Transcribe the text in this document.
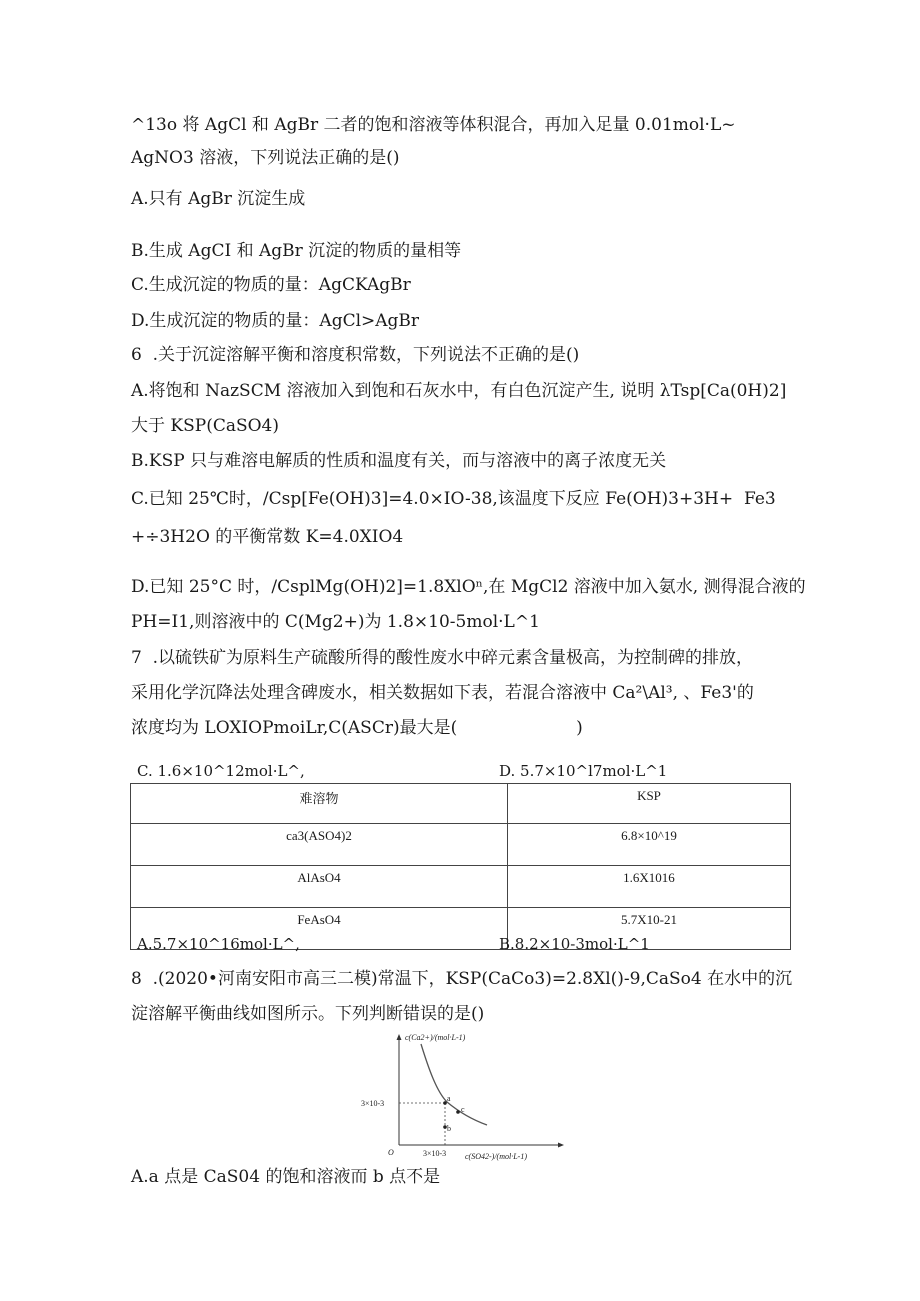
^13o 将 AgCl 和 AgBr 二者的饱和溶液等体积混合，再加入足量 0.01mol·L~
AgNO3 溶液，下列说法正确的是()
A.只有 AgBr 沉淀生成
B.生成 AgCI 和 AgBr 沉淀的物质的量相等
C.生成沉淀的物质的量：AgCKAgBr
D.生成沉淀的物质的量：AgCl>AgBr
6  .关于沉淀溶解平衡和溶度积常数，下列说法不正确的是()
A.将饱和 NazSCM 溶液加入到饱和石灰水中，有白色沉淀产生, 说明 λTsp[Ca(0H)2]
大于 KSP(CaSO4)
B.KSP 只与难溶电解质的性质和温度有关，而与溶液中的离子浓度无关
C.已知 25℃时，/Csp[Fe(OH)3]=4.0×IO-38,该温度下反应 Fe(OH)3+3H+ Fe3
+÷3H2O 的平衡常数 K=4.0XIO4
D.已知 25°C 时，/CsplMg(OH)2]=1.8XlOⁿ,在 MgCl2 溶液中加入氨水, 测得混合液的
PH=I1,则溶液中的 C(Mg2+)为 1.8×10-5mol·L^1
7  .以硫铁矿为原料生产硫酸所得的酸性废水中碎元素含量极高，为控制碑的排放，
采用化学沉降法处理含碑废水，相关数据如下表，若混合溶液中 Ca²\Al³, 、Fe3'的
浓度均为 LOXIOPmoiLr,C(ASCr)最大是(                      )
C. 1.6×10^12mol·L^,	D. 5.7×10^l7mol·L^1
难溶物	KSP
ca3(ASO4)2	6.8×10^19
AlAsO4	1.6X1016
FeAsO4	5.7X10-21
A.5.7×10^16mol·L^,	B.8.2×10-3mol·L^1
8  .(2020•河南安阳市高三二模)常温下，KSP(CaCo3)=2.8Xl()-9,CaSo4 在水中的沉
淀溶解平衡曲线如图所示。下列判断错误的是()
a
b
c
c(Ca2+)/(mol·L-1)
c(SO42-)/(mol·L-1)
3×10-3
3×10-3
O
A.a 点是 CaS04 的饱和溶液而 b 点不是
